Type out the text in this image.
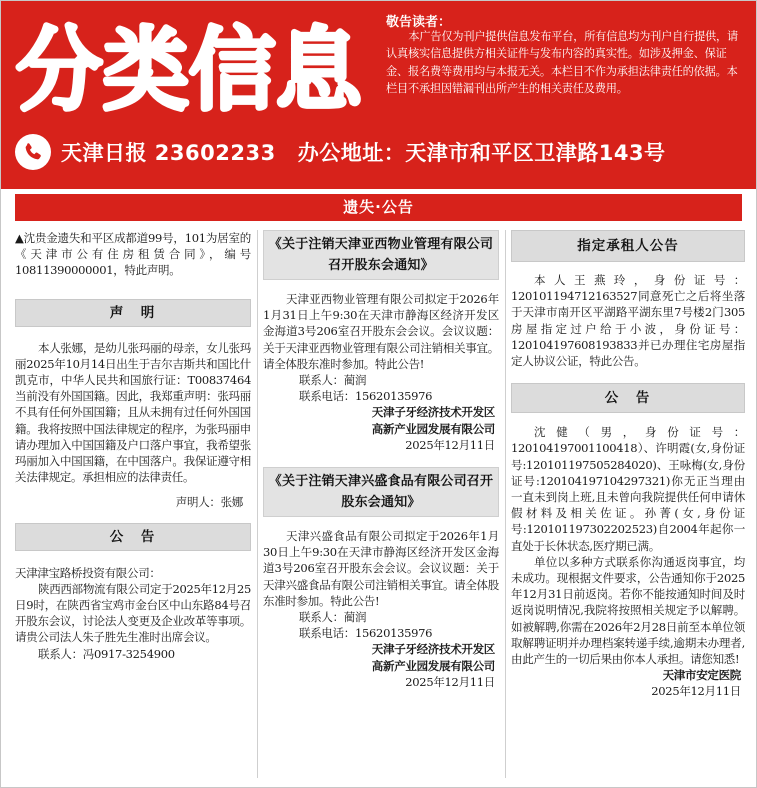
分类信息 敬告读者：
本广告仅为刊户提供信息发布平台，所有信息均为刊户自行提供，请认真核实信息提供方相关证件与发布内容的真实性。如涉及押金、保证金、报名费等费用均与本报无关。本栏目不作为承担法律责任的依据。本栏目不承担因错漏刊出所产生的相关责任及费用。
天津日报 23602233 办公地址：天津市和平区卫津路143号
遗失·公告

▲沈贵金遗失和平区成都道99号，101为居室的《天津市公有住房租赁合同》，编号10811390000001，特此声明。

声　明

本人张娜，是幼儿张玛丽的母亲，女儿张玛丽2025年10月14日出生于吉尔吉斯共和国比什凯克市，中华人民共和国旅行证：T00837464当前没有外国国籍。因此，我郑重声明：张玛丽不具有任何外国国籍；且从未拥有过任何外国国籍。我将按照中国法律规定的程序，为张玛丽申请办理加入中国国籍及户口落户事宜，我希望张玛丽加入中国国籍，在中国落户。我保证遵守相关法律规定。承担相应的法律责任。

声明人：张娜

公　告

天津津宝路桥投资有限公司：

陕西西部物流有限公司定于2025年12月25日9时，在陕西省宝鸡市金台区中山东路84号召开股东会议，讨论法人变更及企业改革等事项。请贵公司法人朱子胜先生准时出席会议。

联系人：冯0917-3254900

《关于注销天津亚西物业管理有限公司召开股东会通知》

天津亚西物业管理有限公司拟定于2026年1月31日上午9:30在天津市静海区经济开发区金海道3号206室召开股东会会议。会议议题：关于天津亚西物业管理有限公司注销相关事宜。请全体股东准时参加。特此公告!

联系人：蔺润

联系电话：15620135976

天津子牙经济技术开发区

高新产业园发展有限公司

2025年12月11日

《关于注销天津兴盛食品有限公司召开股东会通知》

天津兴盛食品有限公司拟定于2026年1月30日上午9:30在天津市静海区经济开发区金海道3号206室召开股东会会议。会议议题：关于天津兴盛食品有限公司注销相关事宜。请全体股东准时参加。特此公告!

联系人：蔺润

联系电话：15620135976

天津子牙经济技术开发区

高新产业园发展有限公司

2025年12月11日

指定承租人公告

本人王燕玲，身份证号：120101194712163527同意死亡之后将坐落于天津市南开区平湖路平湖东里7号楼2门305房屋指定过户给于小波，身份证号：120104197608193833并已办理住宅房屋指定人协议公证，特此公告。

公　告

沈健（男，身份证号：120104197001100418）、许明霞(女,身份证号:120101197505284020)、王咏梅(女,身份证号:120104197104297321)你无正当理由一直未到岗上班,且未曾向我院提供任何申请休假材料及相关佐证。孙菁(女,身份证号:120101197302202523)自2004年起你一直处于长休状态,医疗期已满。

单位以多种方式联系你沟通返岗事宜，均未成功。现根据文件要求，公告通知你于2025年12月31日前返岗。若你不能按通知时间及时返岗说明情况,我院将按照相关规定予以解聘。如被解聘,你需在2026年2月28日前至本单位领取解聘证明并办理档案转递手续,逾期未办理者,由此产生的一切后果由你本人承担。请您知悉!

天津市安定医院

2025年12月11日
